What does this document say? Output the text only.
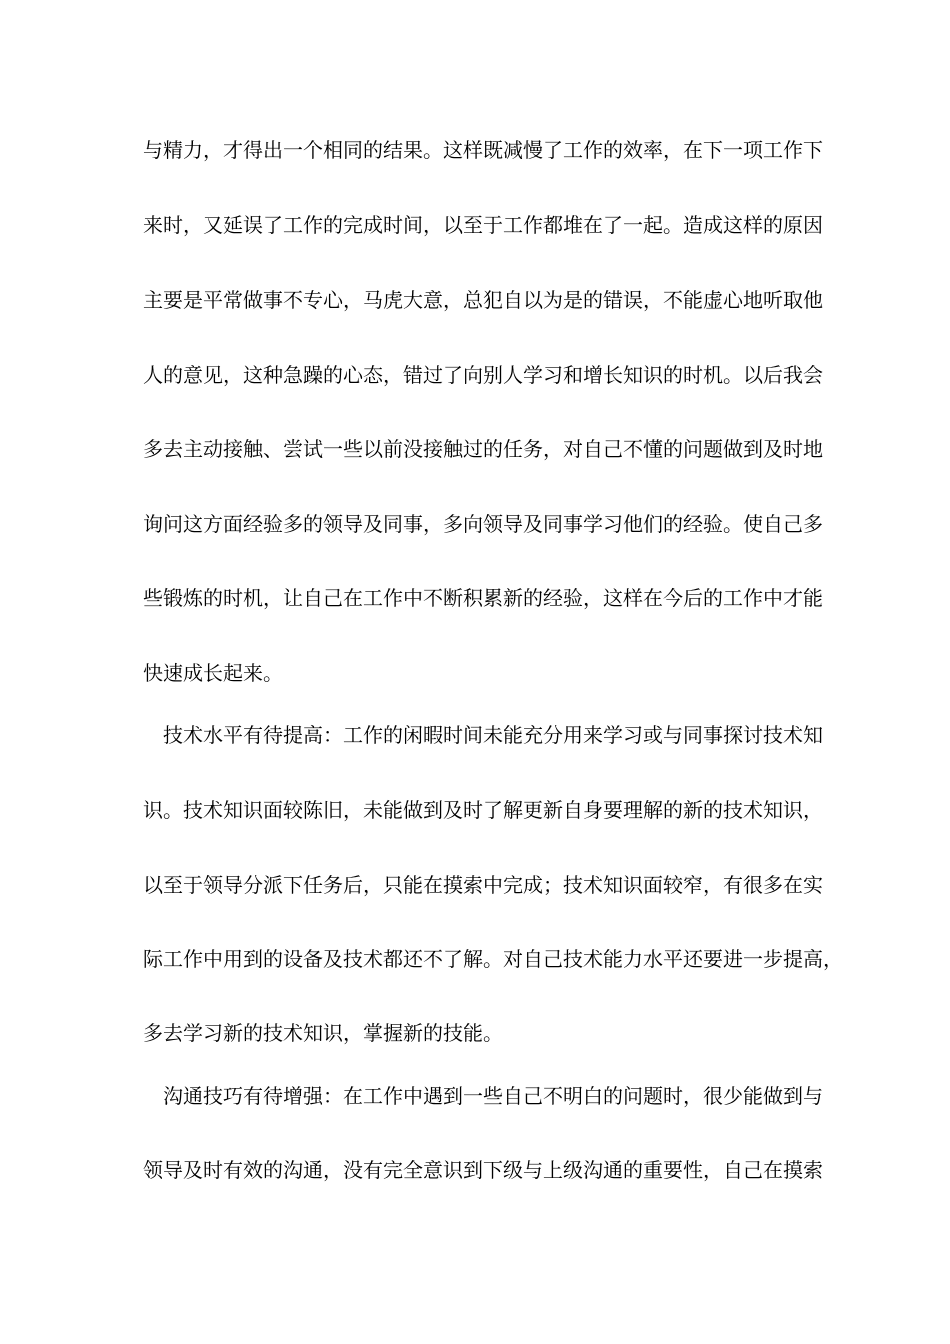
与精力，才得出一个相同的结果。这样既减慢了工作的效率，在下一项工作下
来时，又延误了工作的完成时间，以至于工作都堆在了一起。造成这样的原因
主要是平常做事不专心，马虎大意，总犯自以为是的错误，不能虚心地听取他
人的意见，这种急躁的心态，错过了向别人学习和增长知识的时机。以后我会
多去主动接触、尝试一些以前没接触过的任务，对自己不懂的问题做到及时地
询问这方面经验多的领导及同事，多向领导及同事学习他们的经验。使自己多
些锻炼的时机，让自己在工作中不断积累新的经验，这样在今后的工作中才能
快速成长起来。
技术水平有待提高：工作的闲暇时间未能充分用来学习或与同事探讨技术知
识。技术知识面较陈旧，未能做到及时了解更新自身要理解的新的技术知识，
以至于领导分派下任务后，只能在摸索中完成；技术知识面较窄，有很多在实
际工作中用到的设备及技术都还不了解。对自己技术能力水平还要进一步提高，
多去学习新的技术知识，掌握新的技能。
沟通技巧有待增强：在工作中遇到一些自己不明白的问题时，很少能做到与
领导及时有效的沟通，没有完全意识到下级与上级沟通的重要性，自己在摸索
